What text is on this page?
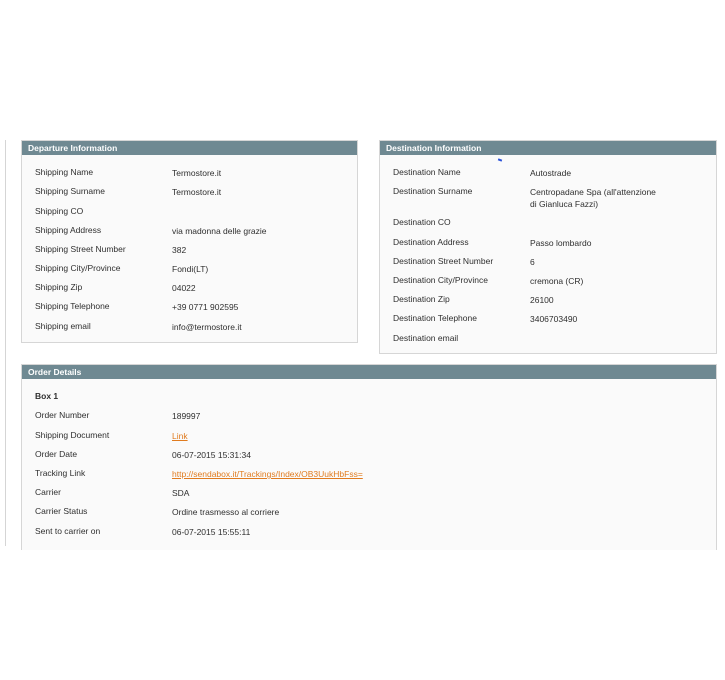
Departure Information
Shipping Name	Termostore.it
Shipping Surname	Termostore.it
Shipping CO
Shipping Address	via madonna delle grazie
Shipping Street Number	382
Shipping City/Province	Fondi(LT)
Shipping Zip	04022
Shipping Telephone	+39 0771 902595
Shipping email	info@termostore.it
Destination Information
Destination Name	Autostrade
Destination Surname	Centropadane Spa (all'attenzione
di Gianluca Fazzi)
Destination CO
Destination Address	Passo lombardo
Destination Street Number	6
Destination City/Province	cremona (CR)
Destination Zip	26100
Destination Telephone	3406703490
Destination email
Order Details
Box 1
Order Number	189997
Shipping Document	Link
Order Date	06-07-2015 15:31:34
Tracking Link	http://sendabox.it/Trackings/Index/OB3UukHbFss=
Carrier	SDA
Carrier Status	Ordine trasmesso al corriere
Sent to carrier on	06-07-2015 15:55:11
